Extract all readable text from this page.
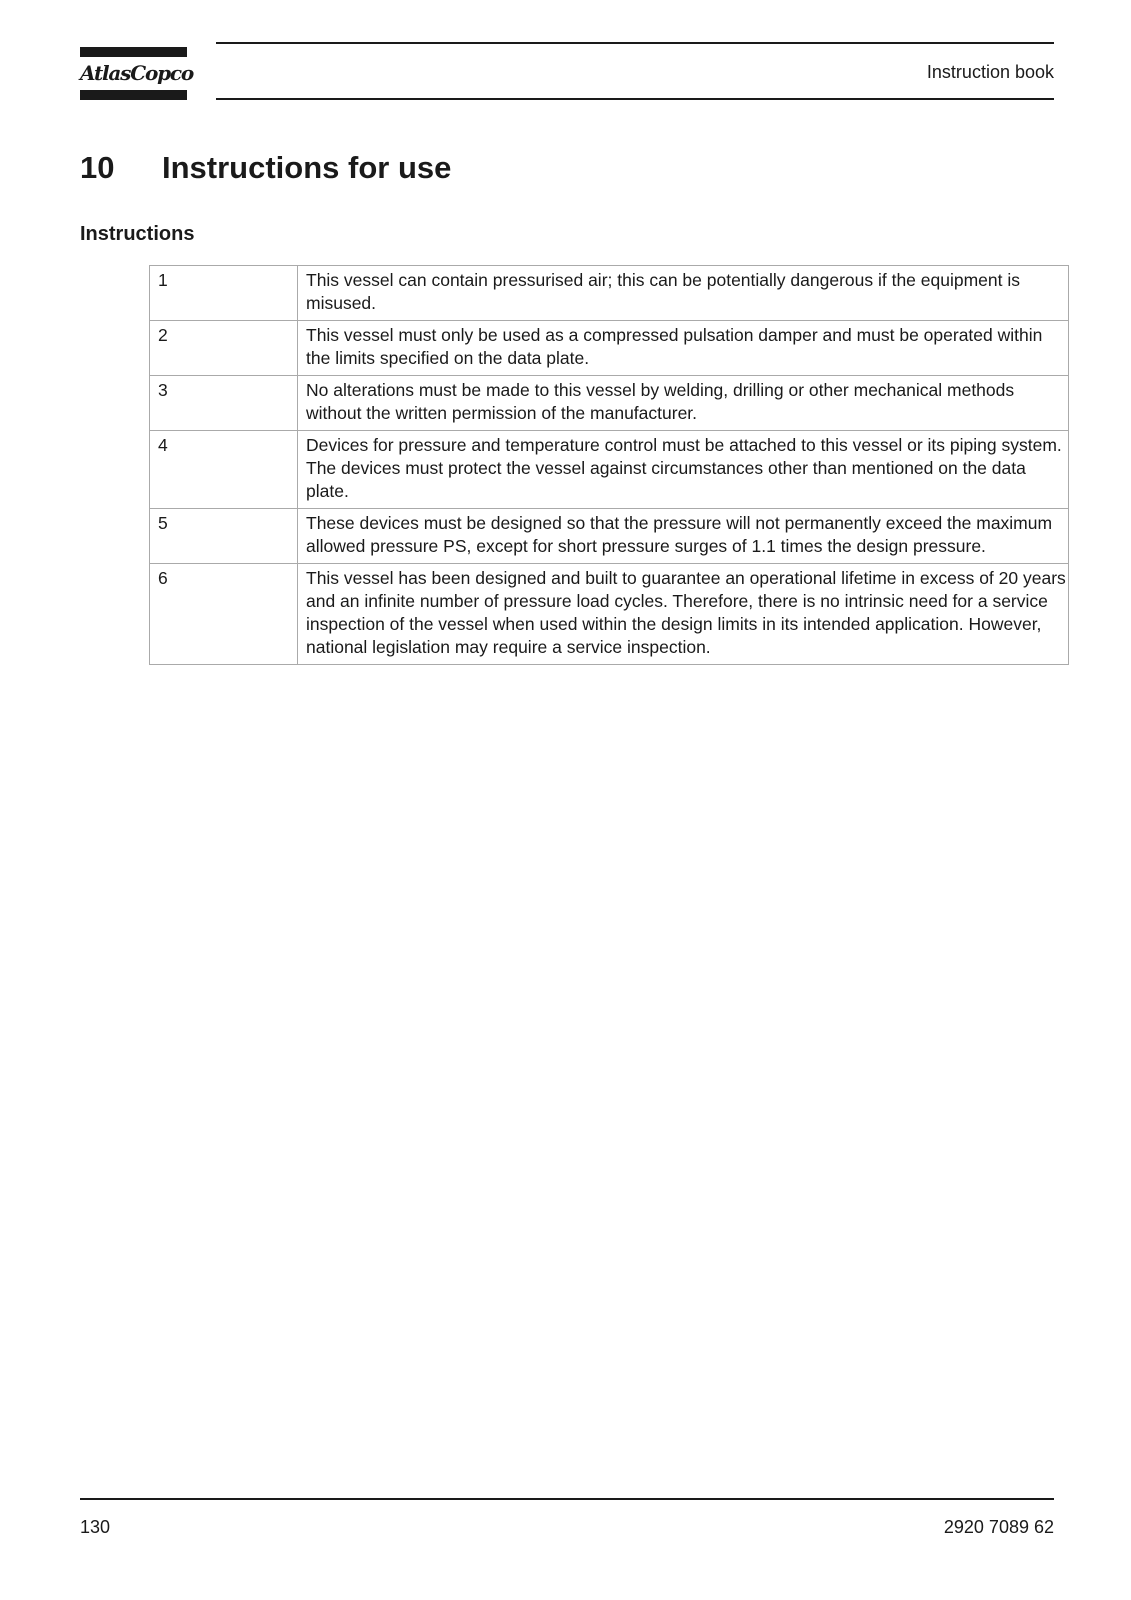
AtlasCopco	Instruction book
10 Instructions for use
Instructions
1	This vessel can contain pressurised air; this can be potentially dangerous if the equipment is misused.
2	This vessel must only be used as a compressed pulsation damper and must be operated within the limits specified on the data plate.
3	No alterations must be made to this vessel by welding, drilling or other mechanical methods without the written permission of the manufacturer.
4	Devices for pressure and temperature control must be attached to this vessel or its piping system. The devices must protect the vessel against circumstances other than mentioned on the data plate.
5	These devices must be designed so that the pressure will not permanently exceed the maximum allowed pressure PS, except for short pressure surges of 1.1 times the design pressure.
6	This vessel has been designed and built to guarantee an operational lifetime in excess of 20 years and an infinite number of pressure load cycles. Therefore, there is no intrinsic need for a service inspection of the vessel when used within the design limits in its intended application. However, national legislation may require a service inspection.
130	2920 7089 62
